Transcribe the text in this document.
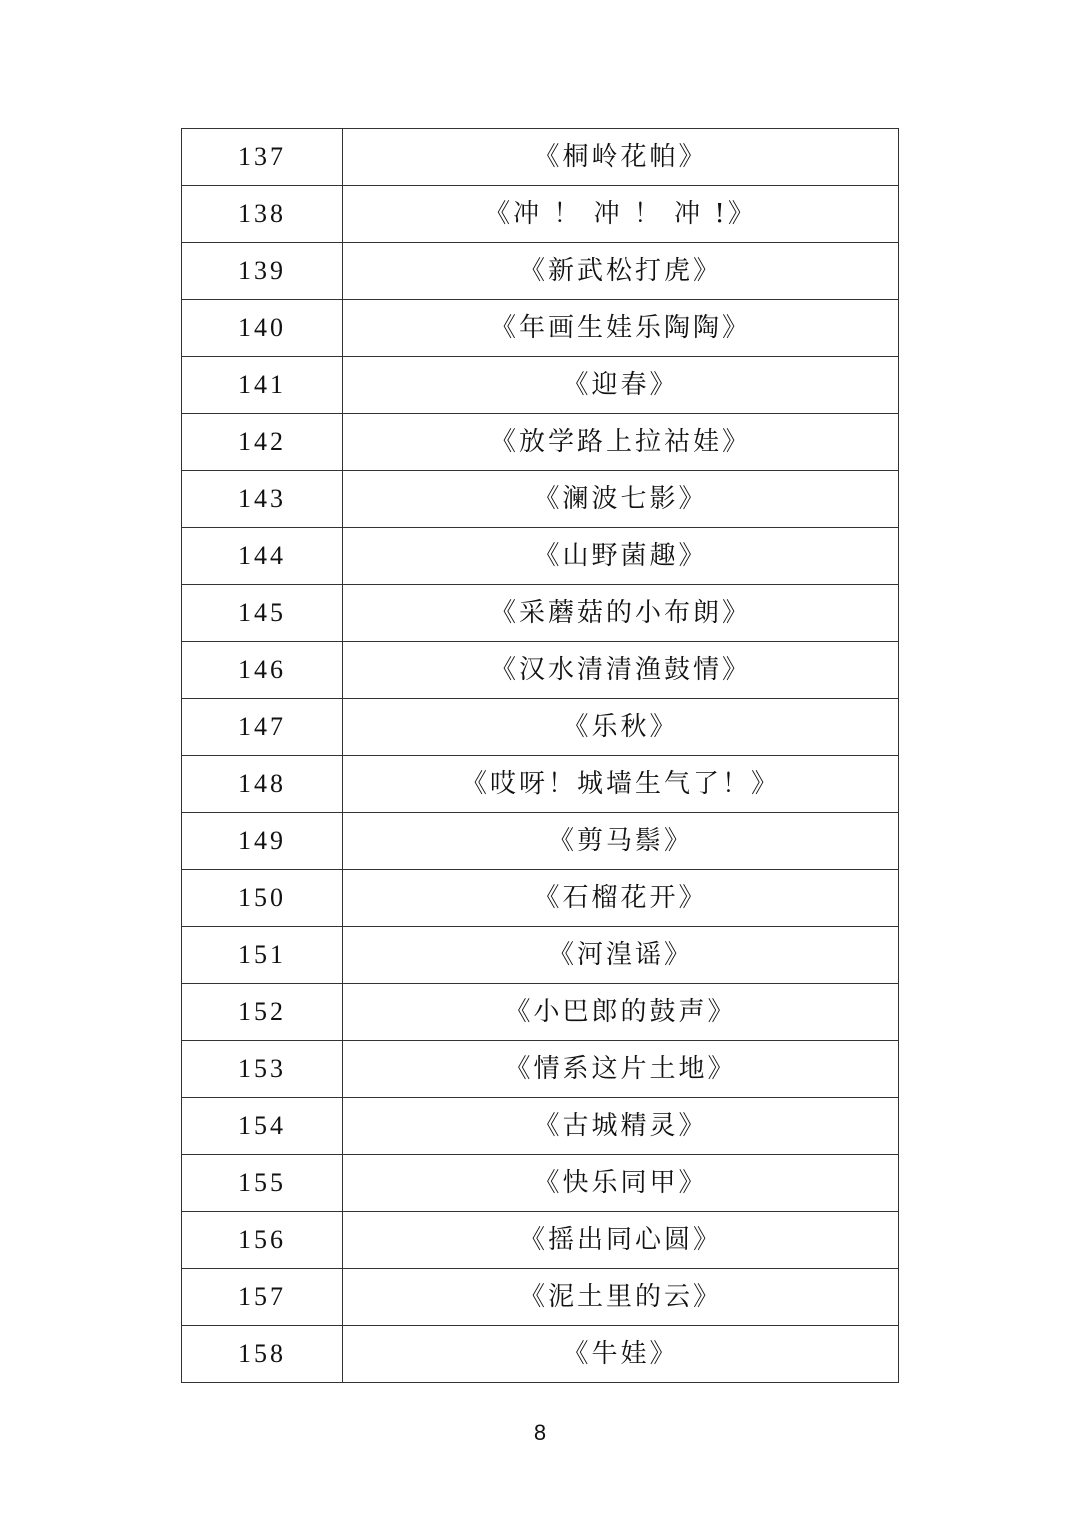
137	《桐岭花帕》
138	《冲 ！ 冲 ！ 冲 !》
139	《新武松打虎》
140	《年画生娃乐陶陶》
141	《迎春》
142	《放学路上拉祜娃》
143	《澜波七影》
144	《山野菌趣》
145	《采蘑菇的小布朗》
146	《汉水清清渔鼓情》
147	《乐秋》
148	《哎呀！城墙生气了！》
149	《剪马鬃》
150	《石榴花开》
151	《河湟谣》
152	《小巴郎的鼓声》
153	《情系这片土地》
154	《古城精灵》
155	《快乐同甲》
156	《摇出同心圆》
157	《泥土里的云》
158	《牛娃》
8
